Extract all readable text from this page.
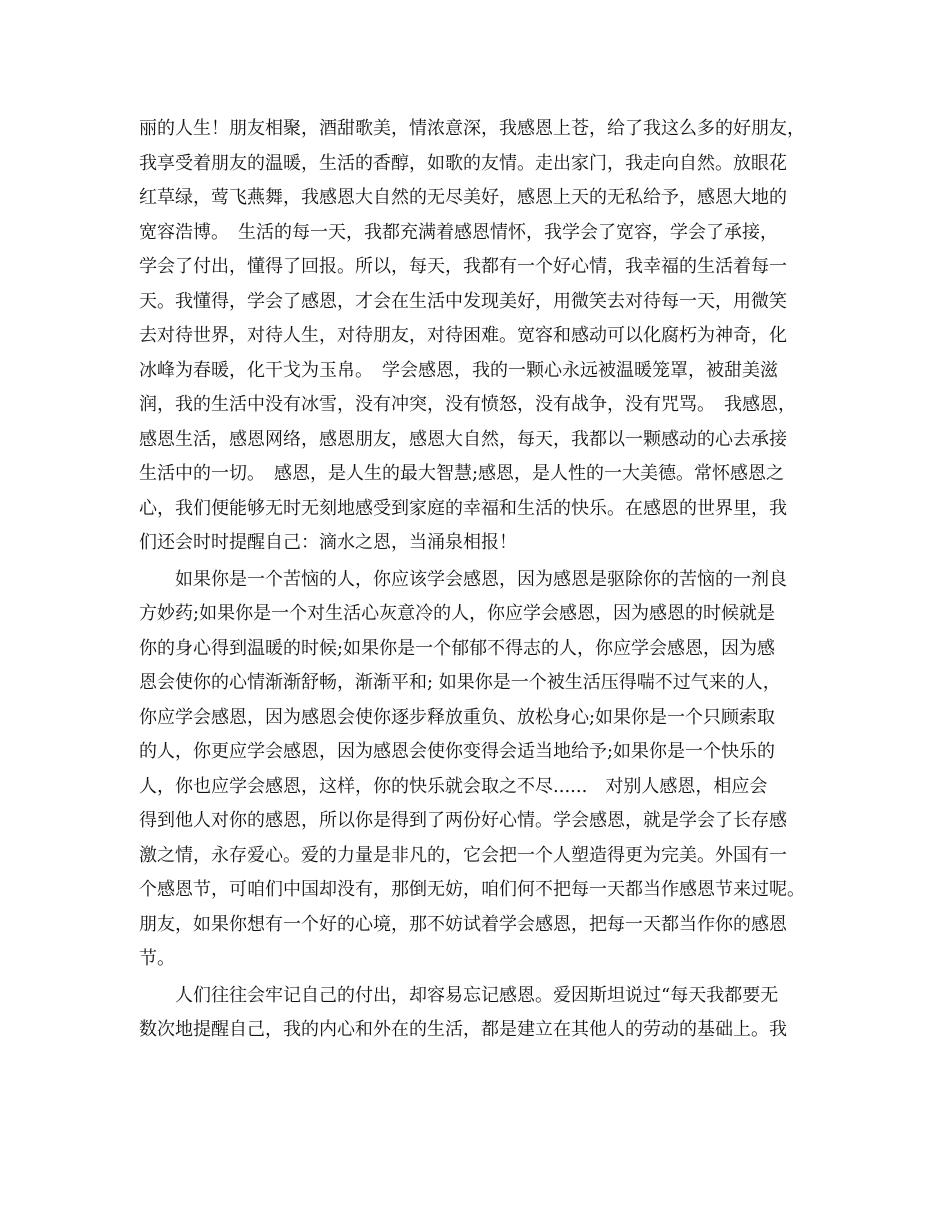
丽的人生！朋友相聚，酒甜歌美，情浓意深，我感恩上苍，给了我这么多的好朋友，
我享受着朋友的温暖，生活的香醇，如歌的友情。走出家门，我走向自然。放眼花
红草绿，莺飞燕舞，我感恩大自然的无尽美好，感恩上天的无私给予，感恩大地的
宽容浩博。　生活的每一天，我都充满着感恩情怀，我学会了宽容，学会了承接，
学会了付出，懂得了回报。所以，每天，我都有一个好心情，我幸福的生活着每一
天。我懂得，学会了感恩，才会在生活中发现美好，用微笑去对待每一天，用微笑
去对待世界，对待人生，对待朋友，对待困难。宽容和感动可以化腐朽为神奇，化
冰峰为春暖，化干戈为玉帛。　学会感恩，我的一颗心永远被温暖笼罩，被甜美滋
润，我的生活中没有冰雪，没有冲突，没有愤怒，没有战争，没有咒骂。　我感恩，
感恩生活，感恩网络，感恩朋友，感恩大自然，每天，我都以一颗感动的心去承接
生活中的一切。　感恩，是人生的最大智慧;感恩，是人性的一大美德。常怀感恩之
心，我们便能够无时无刻地感受到家庭的幸福和生活的快乐。在感恩的世界里，我
们还会时时提醒自己：滴水之恩，当涌泉相报！
如果你是一个苦恼的人，你应该学会感恩，因为感恩是驱除你的苦恼的一剂良
方妙药;如果你是一个对生活心灰意冷的人，你应学会感恩，因为感恩的时候就是
你的身心得到温暖的时候;如果你是一个郁郁不得志的人，你应学会感恩，因为感
恩会使你的心情渐渐舒畅，渐渐平和; 如果你是一个被生活压得喘不过气来的人，
你应学会感恩，因为感恩会使你逐步释放重负、放松身心;如果你是一个只顾索取
的人，你更应学会感恩，因为感恩会使你变得会适当地给予;如果你是一个快乐的
人，你也应学会感恩，这样，你的快乐就会取之不尽......　对别人感恩，相应会
得到他人对你的感恩，所以你是得到了两份好心情。学会感恩，就是学会了长存感
激之情，永存爱心。爱的力量是非凡的，它会把一个人塑造得更为完美。外国有一
个感恩节，可咱们中国却没有，那倒无妨，咱们何不把每一天都当作感恩节来过呢。
朋友，如果你想有一个好的心境，那不妨试着学会感恩，把每一天都当作你的感恩
节。
人们往往会牢记自己的付出，却容易忘记感恩。爱因斯坦说过“每天我都要无
数次地提醒自己，我的内心和外在的生活，都是建立在其他人的劳动的基础上。我
